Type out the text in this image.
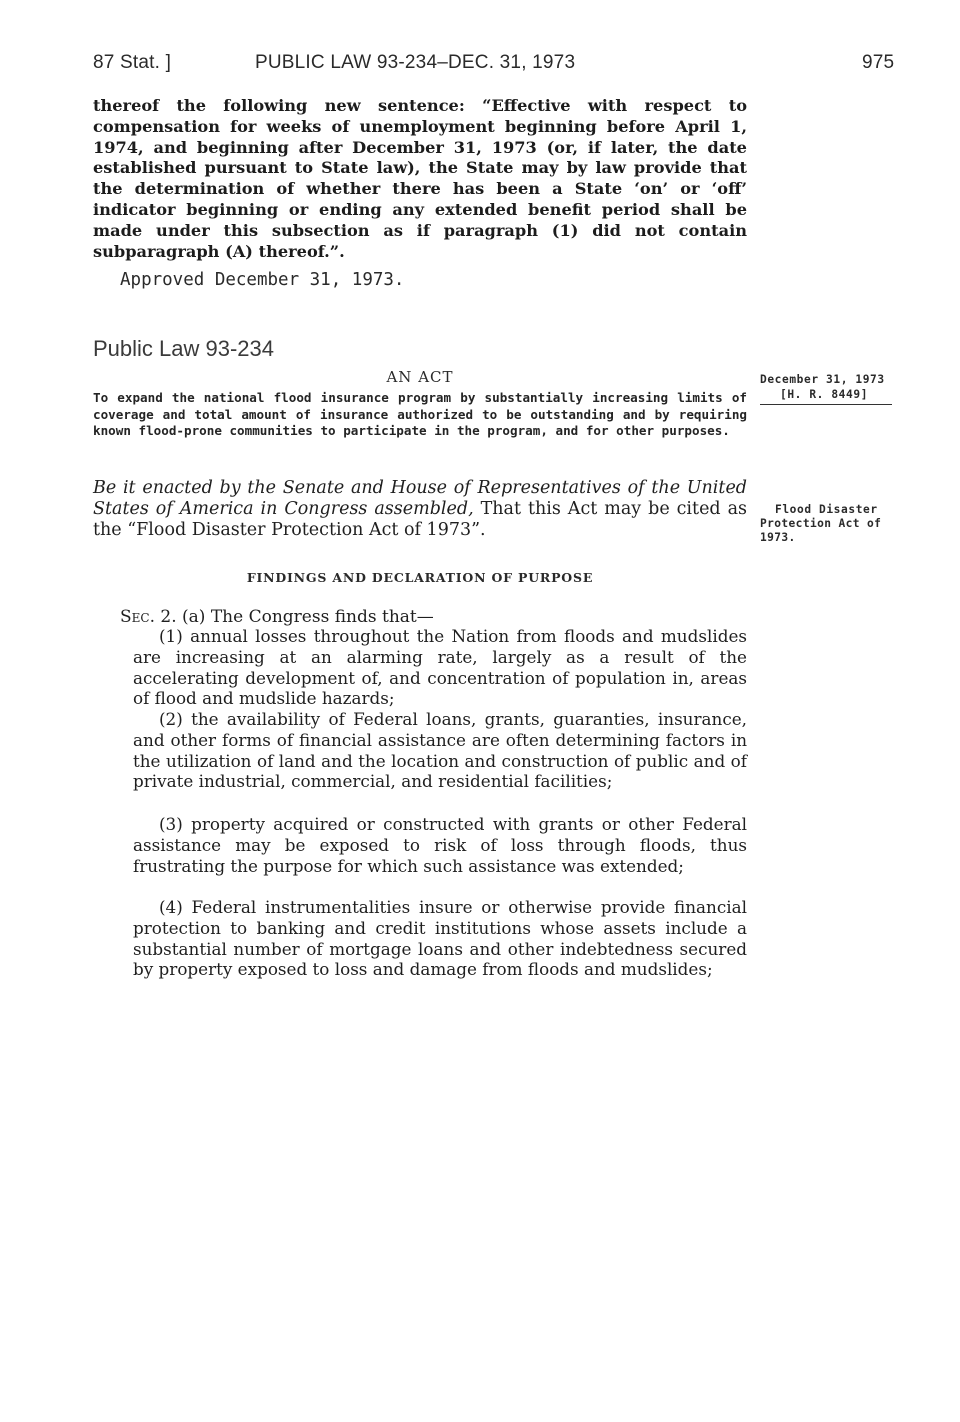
87 Stat. ]	PUBLIC LAW 93-234–DEC. 31, 1973	975
thereof the following new sentence: “Effective with respect to compensation for weeks of unemployment beginning before April 1, 1974, and beginning after December 31, 1973 (or, if later, the date established pursuant to State law), the State may by law provide that the determination of whether there has been a State ‘on’ or ‘off’ indicator beginning or ending any extended benefit period shall be made under this subsection as if paragraph (1) did not contain subparagraph (A) thereof.”.
Approved December 31, 1973.
Public Law 93-234
AN ACT
To expand the national flood insurance program by substantially increasing limits of coverage and total amount of insurance authorized to be outstanding and by requiring known flood-prone communities to participate in the program, and for other purposes.
Be it enacted by the Senate and House of Representatives of the United States of America in Congress assembled, That this Act may be cited as the “Flood Disaster Protection Act of 1973”.
FINDINGS AND DECLARATION OF PURPOSE
Sec. 2. (a) The Congress finds that—
(1) annual losses throughout the Nation from floods and mudslides are increasing at an alarming rate, largely as a result of the accelerating development of, and concentration of population in, areas of flood and mudslide hazards;
(2) the availability of Federal loans, grants, guaranties, insurance, and other forms of financial assistance are often determining factors in the utilization of land and the location and construction of public and of private industrial, commercial, and residential facilities;
(3) property acquired or constructed with grants or other Federal assistance may be exposed to risk of loss through floods, thus frustrating the purpose for which such assistance was extended;
(4) Federal instrumentalities insure or otherwise provide financial protection to banking and credit institutions whose assets include a substantial number of mortgage loans and other indebtedness secured by property exposed to loss and damage from floods and mudslides;
December 31, 1973
[H. R. 8449]
Flood Disaster
Protection Act of
1973.
